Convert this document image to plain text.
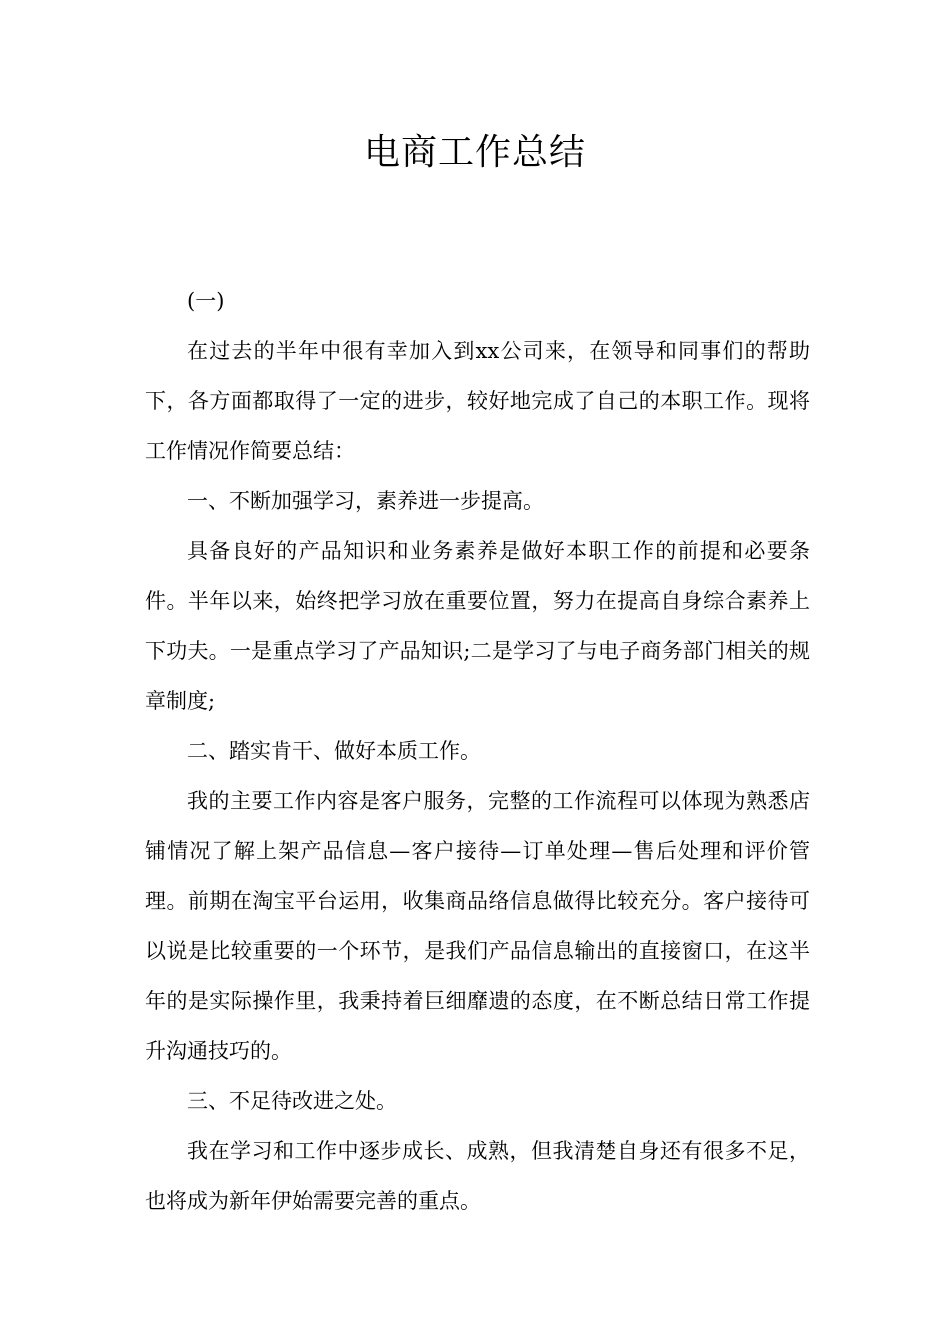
电商工作总结

(一)

在过去的半年中很有幸加入到xx公司来，在领导和同事们的帮助下，各方面都取得了一定的进步，较好地完成了自己的本职工作。现将工作情况作简要总结：

一、不断加强学习，素养进一步提高。

具备良好的产品知识和业务素养是做好本职工作的前提和必要条件。半年以来，始终把学习放在重要位置，努力在提高自身综合素养上下功夫。一是重点学习了产品知识;二是学习了与电子商务部门相关的规章制度;

二、踏实肯干、做好本质工作。

我的主要工作内容是客户服务，完整的工作流程可以体现为熟悉店铺情况了解上架产品信息—客户接待—订单处理—售后处理和评价管理。前期在淘宝平台运用，收集商品络信息做得比较充分。客户接待可以说是比较重要的一个环节，是我们产品信息输出的直接窗口，在这半年的是实际操作里，我秉持着巨细靡遗的态度，在不断总结日常工作提升沟通技巧的。

三、不足待改进之处。

我在学习和工作中逐步成长、成熟，但我清楚自身还有很多不足，也将成为新年伊始需要完善的重点。
